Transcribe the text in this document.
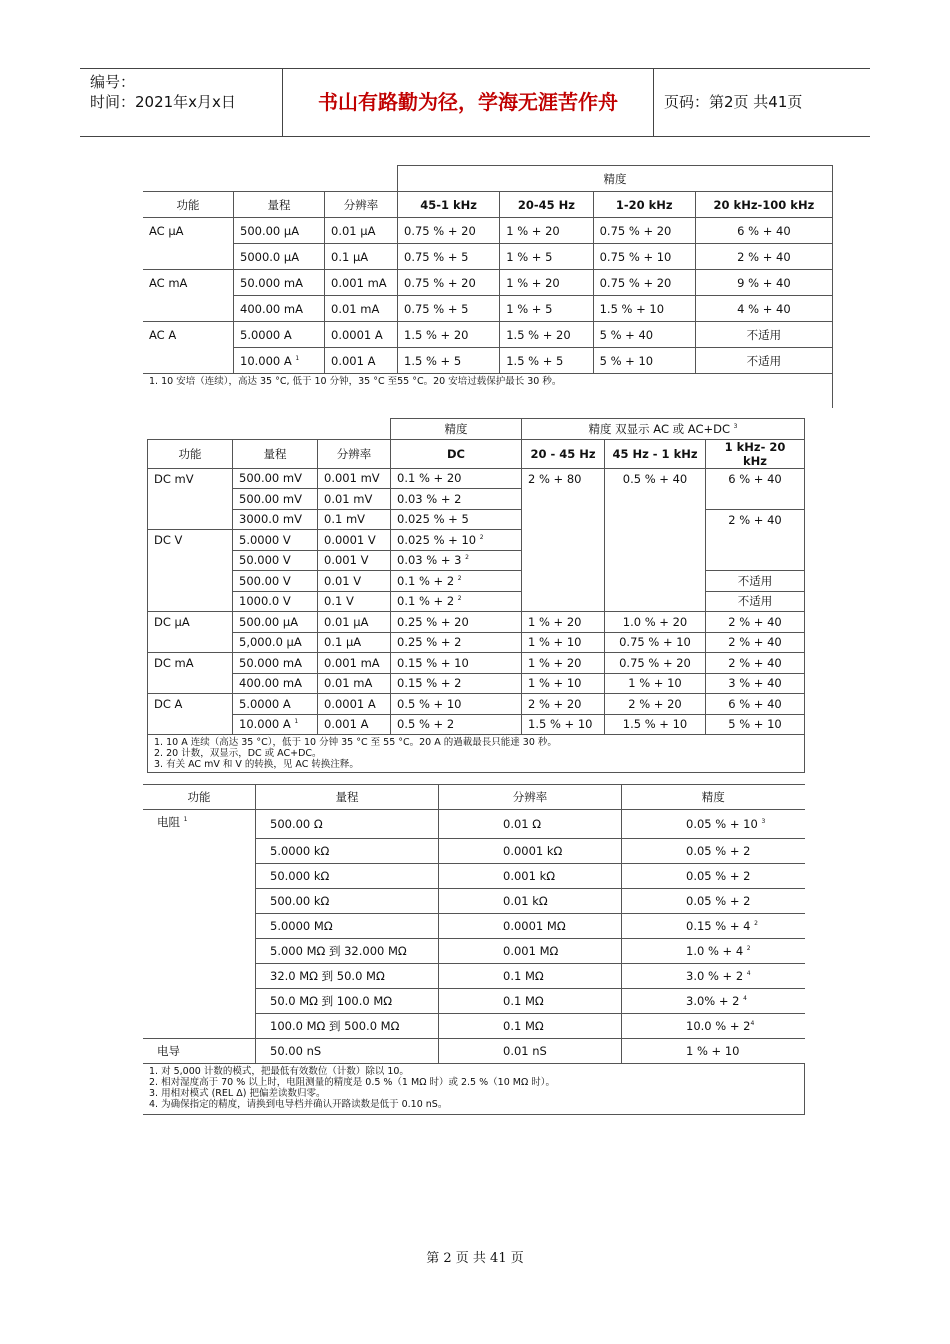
编号：
时间：2021年x月x日	书山有路勤为径，学海无涯苦作舟	页码：第2页 共41页
			精度			
功能	量程	分辨率	45-1 kHz	20-45 Hz	1-20 kHz	20 kHz-100 kHz
AC µA	500.00 µA	0.01 µA	0.75 % + 20	1 % + 20	0.75 % + 20	6 % + 40
	5000.0 µA	0.1 µA	0.75 % + 5	1 % + 5	0.75 % + 10	2 % + 40
AC mA	50.000 mA	0.001 mA	0.75 % + 20	1 % + 20	0.75 % + 20	9 % + 40
	400.00 mA	0.01 mA	0.75 % + 5	1 % + 5	1.5 % + 10	4 % + 40
AC A	5.0000 A	0.0001 A	1.5 % + 20	1.5 % + 20	5 % + 40	不适用
	10.000 A $^1$	0.001 A	1.5 % + 5	1.5 % + 5	5 % + 10	不适用
1. 10 安培（连续），高达 35 °C, 低于 10 分钟，35 °C 至55 °C。20 安培过载保护最长 30 秒。						
			精度	精度 双显示 AC 或 AC+DC $^3$
功能	量程	分辨率	DC	20 - 45 Hz	45 Hz - 1 kHz	1 kHz- 20 kHz
DC mV	500.00 mV	0.001 mV	0.1 % + 20	2 % + 80	0.5 % + 40	6 % + 40
	500.00 mV	0.01 mV	0.03 % + 2			
	3000.0 mV	0.1 mV	0.025 % + 5			2 % + 40
DC V	5.0000 V	0.0001 V	0.025 % + 10 $^2$
	50.000 V	0.001 V	0.03 % + 3 $^2$
	500.00 V	0.01 V	0.1 % + 2 $^2$			不适用
	1000.0 V	0.1 V	0.1 % + 2 $^2$			不适用
DC µA	500.00 µA	0.01 µA	0.25 % + 20	1 % + 20	1.0 % + 20	2 % + 40
	5,000.0 µA	0.1 µA	0.25 % + 2	1 % + 10	0.75 % + 10	2 % + 40
DC mA	50.000 mA	0.001 mA	0.15 % + 10	1 % + 20	0.75 % + 20	2 % + 40
	400.00 mA	0.01 mA	0.15 % + 2	1 % + 10	1 % + 10	3 % + 40
DC A	5.0000 A	0.0001 A	0.5 % + 10	2 % + 20	2 % + 20	6 % + 40
	10.000 A $^1$	0.001 A	0.5 % + 2	1.5 % + 10	1.5 % + 10	5 % + 10

1. 10 A 连续（高达 35 °C），低于 10 分钟 35 °C 至 55 °C。20 A 的過載最長只能達 30 秒。
2. 20 计数，双显示，DC 或 AC+DC。
3. 有关 AC mV 和 V 的转换，见 AC 转换注释。						
功能	量程	分辨率	精度
电阻 $^1$	500.00 Ω	0.01 Ω	0.05 % + 10 $^3$
	5.0000 kΩ	0.0001 kΩ	0.05 % + 2
	50.000 kΩ	0.001 kΩ	0.05 % + 2
	500.00 kΩ	0.01 kΩ	0.05 % + 2
	5.0000 MΩ	0.0001 MΩ	0.15 % + 4 $^2$
	5.000 MΩ 到 32.000 MΩ	0.001 MΩ	1.0 % + 4 $^2$
	32.0 MΩ 到 50.0 MΩ	0.1 MΩ	3.0 % + 2 $^4$
	50.0 MΩ 到 100.0 MΩ	0.1 MΩ	3.0% + 2 $^4$
	100.0 MΩ 到 500.0 MΩ	0.1 MΩ	10.0 % + $2^4$
电导	50.00 nS	0.01 nS	1 % + 10

1. 对 5,000 计数的模式，把最低有效数位（计数）除以 10。
2. 相对湿度高于 70 % 以上时，电阻测量的精度是 0.5 %（1 MΩ 时）或 2.5 %（10 MΩ 时）。
3. 用相对模式 (REL Δ) 把偏差读数归零。
4. 为确保指定的精度，请换到电导档并确认开路读数是低于 0.10 nS。			
第 2 页 共 41 页
